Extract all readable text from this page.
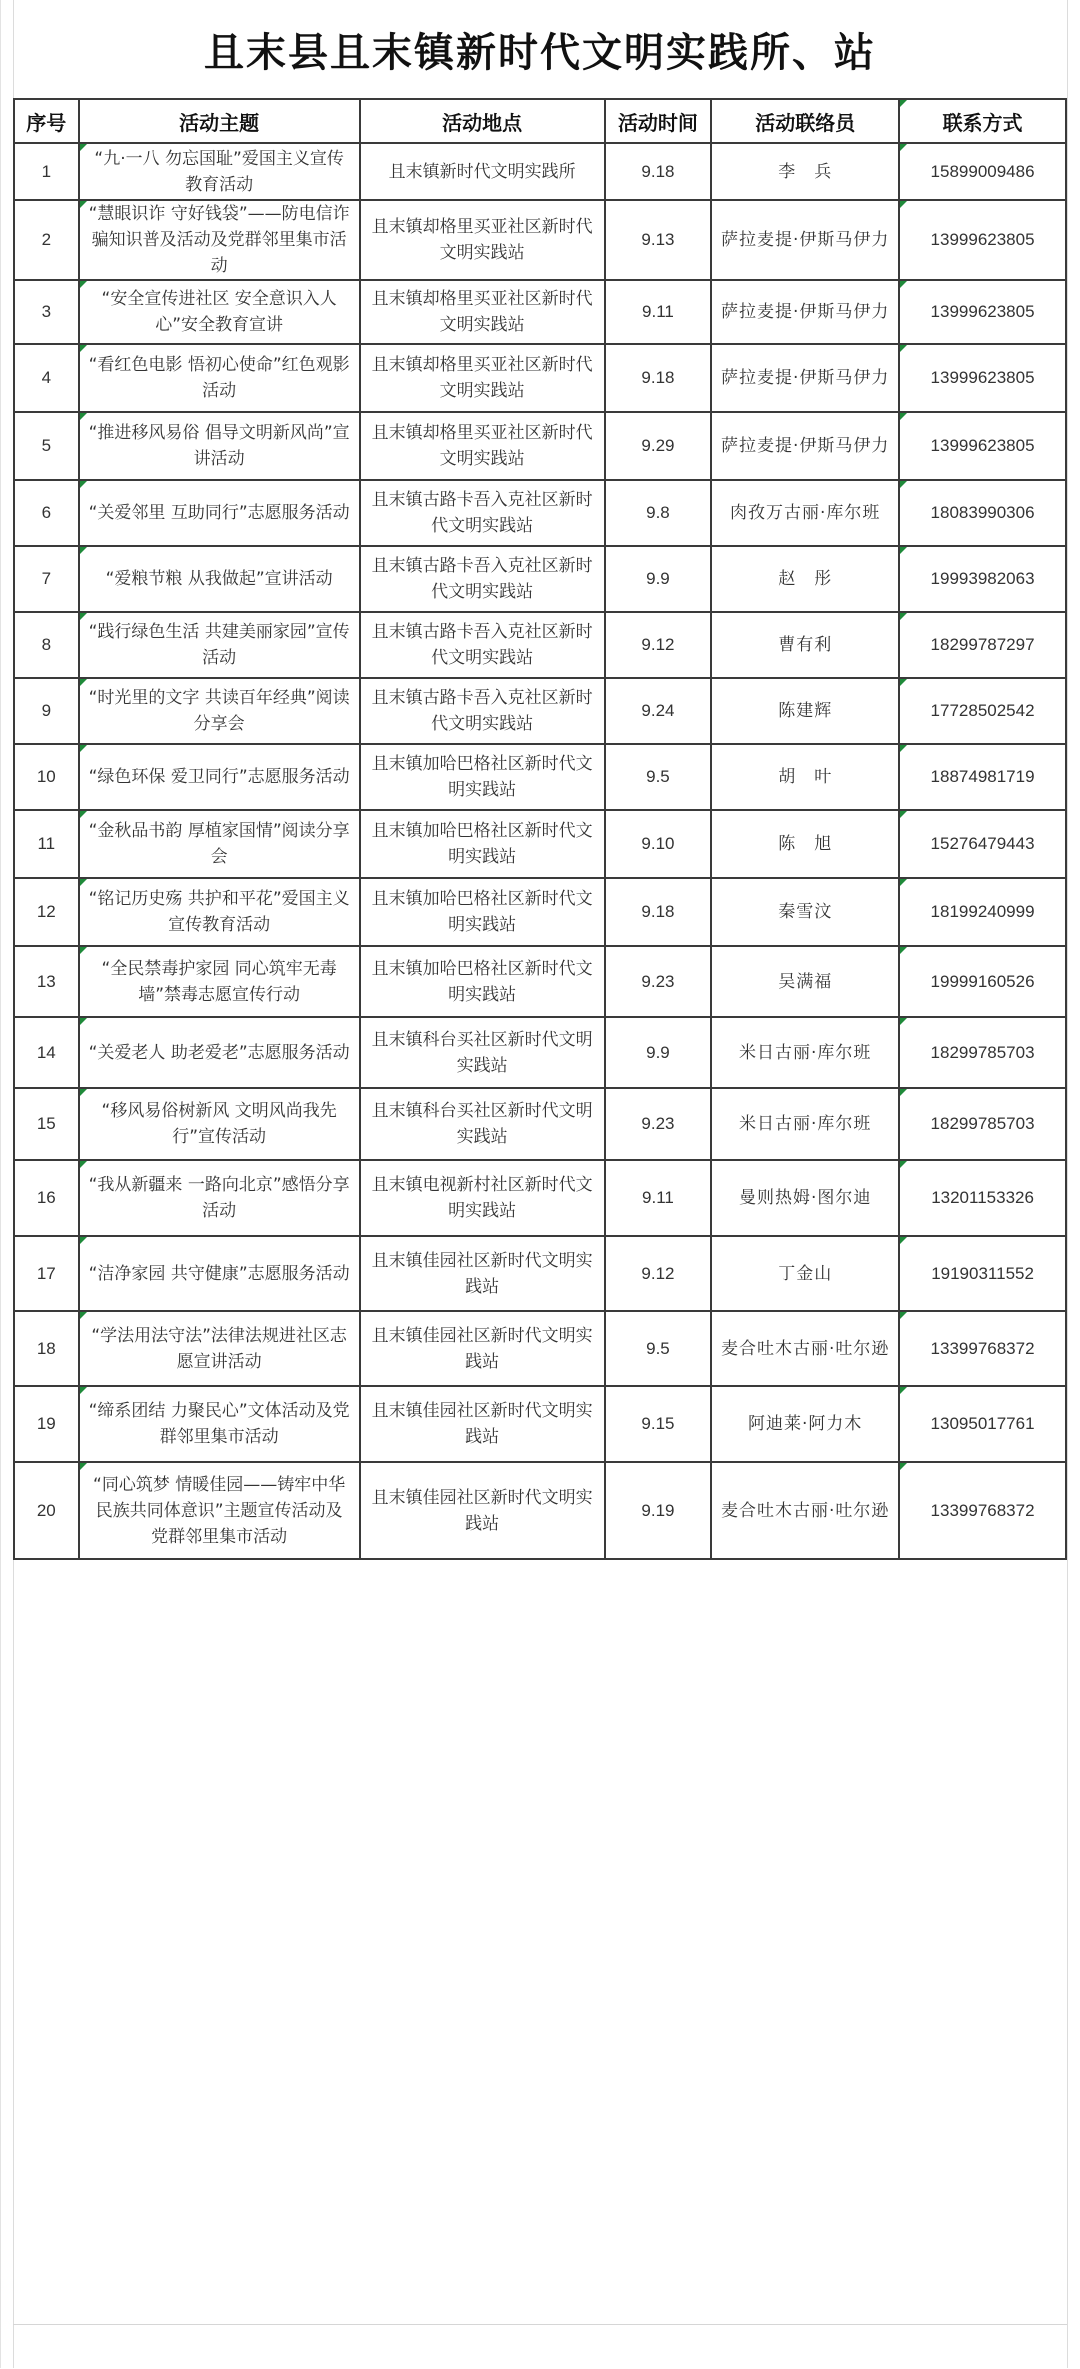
且末县且末镇新时代文明实践所、站
序号	活动主题	活动地点	活动时间	活动联络员	联系方式
1	“九·一八 勿忘国耻”爱国主义宣传教育活动	且末镇新时代文明实践所	9.18	李　兵	15899009486
2	“慧眼识诈 守好钱袋”——防电信诈骗知识普及活动及党群邻里集市活动	且末镇却格里买亚社区新时代文明实践站	9.13	萨拉麦提·伊斯马伊力	13999623805
3	“安全宣传进社区 安全意识入人心”安全教育宣讲	且末镇却格里买亚社区新时代文明实践站	9.11	萨拉麦提·伊斯马伊力	13999623805
4	“看红色电影 悟初心使命”红色观影活动	且末镇却格里买亚社区新时代文明实践站	9.18	萨拉麦提·伊斯马伊力	13999623805
5	“推进移风易俗 倡导文明新风尚”宣讲活动	且末镇却格里买亚社区新时代文明实践站	9.29	萨拉麦提·伊斯马伊力	13999623805
6	“关爱邻里 互助同行”志愿服务活动	且末镇古路卡吾入克社区新时代文明实践站	9.8	肉孜万古丽·库尔班	18083990306
7	“爱粮节粮 从我做起”宣讲活动	且末镇古路卡吾入克社区新时代文明实践站	9.9	赵　彤	19993982063
8	“践行绿色生活 共建美丽家园”宣传活动	且末镇古路卡吾入克社区新时代文明实践站	9.12	曹有利	18299787297
9	“时光里的文字 共读百年经典”阅读分享会	且末镇古路卡吾入克社区新时代文明实践站	9.24	陈建辉	17728502542
10	“绿色环保 爱卫同行”志愿服务活动	且末镇加哈巴格社区新时代文明实践站	9.5	胡　叶	18874981719
11	“金秋品书韵 厚植家国情”阅读分享会	且末镇加哈巴格社区新时代文明实践站	9.10	陈　旭	15276479443
12	“铭记历史殇 共护和平花”爱国主义宣传教育活动	且末镇加哈巴格社区新时代文明实践站	9.18	秦雪汶	18199240999
13	“全民禁毒护家园 同心筑牢无毒墙”禁毒志愿宣传行动	且末镇加哈巴格社区新时代文明实践站	9.23	吴满福	19999160526
14	“关爱老人 助老爱老”志愿服务活动	且末镇科台买社区新时代文明实践站	9.9	米日古丽·库尔班	18299785703
15	“移风易俗树新风 文明风尚我先行”宣传活动	且末镇科台买社区新时代文明实践站	9.23	米日古丽·库尔班	18299785703
16	“我从新疆来 一路向北京”感悟分享活动	且末镇电视新村社区新时代文明实践站	9.11	曼则热姆·图尔迪	13201153326
17	“洁净家园 共守健康”志愿服务活动	且末镇佳园社区新时代文明实践站	9.12	丁金山	19190311552
18	“学法用法守法”法律法规进社区志愿宣讲活动	且末镇佳园社区新时代文明实践站	9.5	麦合吐木古丽·吐尔逊	13399768372
19	“缔系团结 力聚民心”文体活动及党群邻里集市活动	且末镇佳园社区新时代文明实践站	9.15	阿迪莱·阿力木	13095017761
20	“同心筑梦 情暖佳园——铸牢中华民族共同体意识”主题宣传活动及党群邻里集市活动	且末镇佳园社区新时代文明实践站	9.19	麦合吐木古丽·吐尔逊	13399768372
